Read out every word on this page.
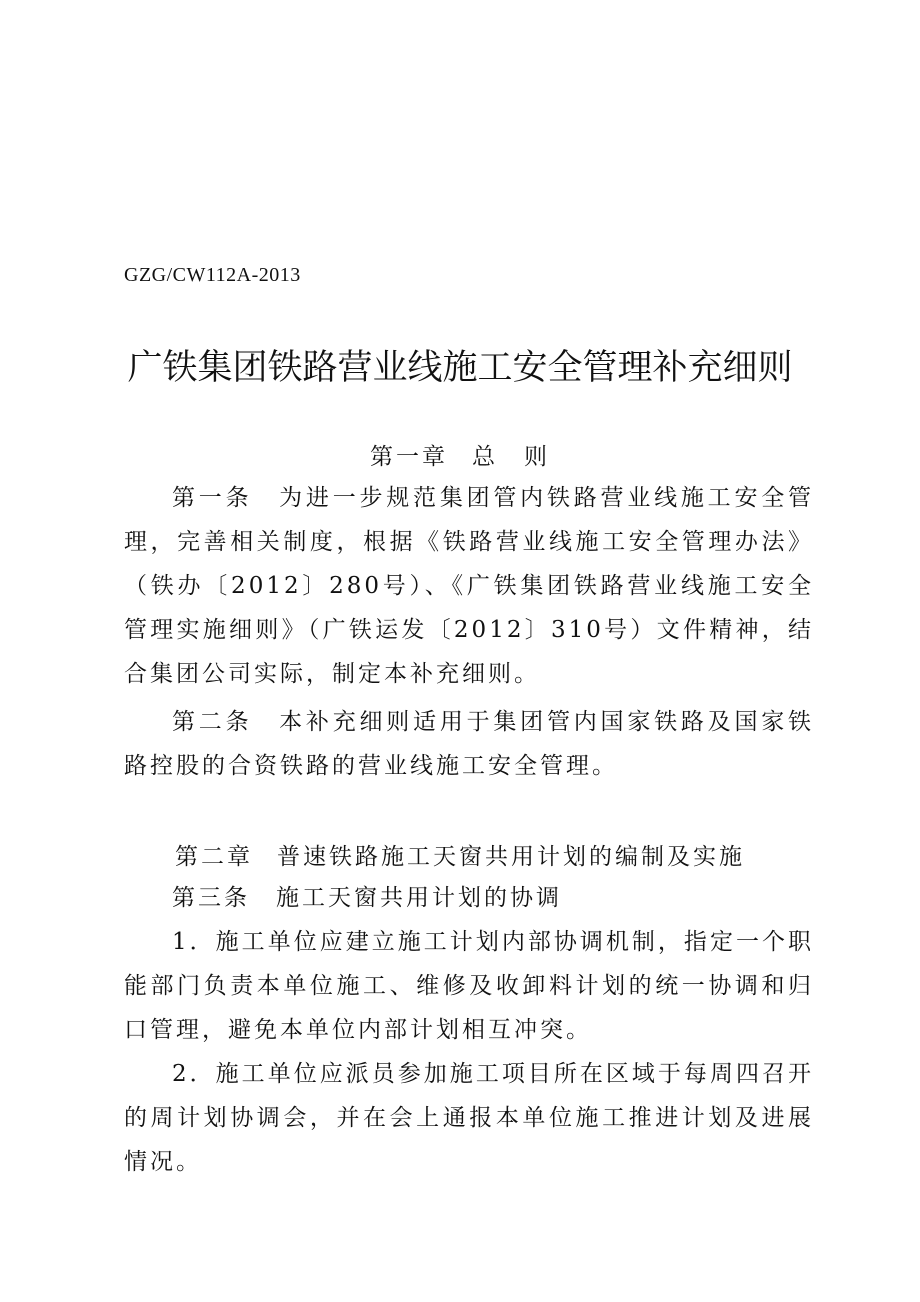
GZG/CW112A-2013
广铁集团铁路营业线施工安全管理补充细则
第一章 总　则

第一条 为进一步规范集团管内铁路营业线施工安全管理，完善相关制度，根据《铁路营业线施工安全管理办法》（铁办〔2012〕280号）、《广铁集团铁路营业线施工安全管理实施细则》（广铁运发〔2012〕310号）文件精神，结合集团公司实际，制定本补充细则。

第二条 本补充细则适用于集团管内国家铁路及国家铁路控股的合资铁路的营业线施工安全管理。

第二章 普速铁路施工天窗共用计划的编制及实施

第三条 施工天窗共用计划的协调

1．施工单位应建立施工计划内部协调机制，指定一个职能部门负责本单位施工、维修及收卸料计划的统一协调和归口管理，避免本单位内部计划相互冲突。

2．施工单位应派员参加施工项目所在区域于每周四召开的周计划协调会，并在会上通报本单位施工推进计划及进展情况。
